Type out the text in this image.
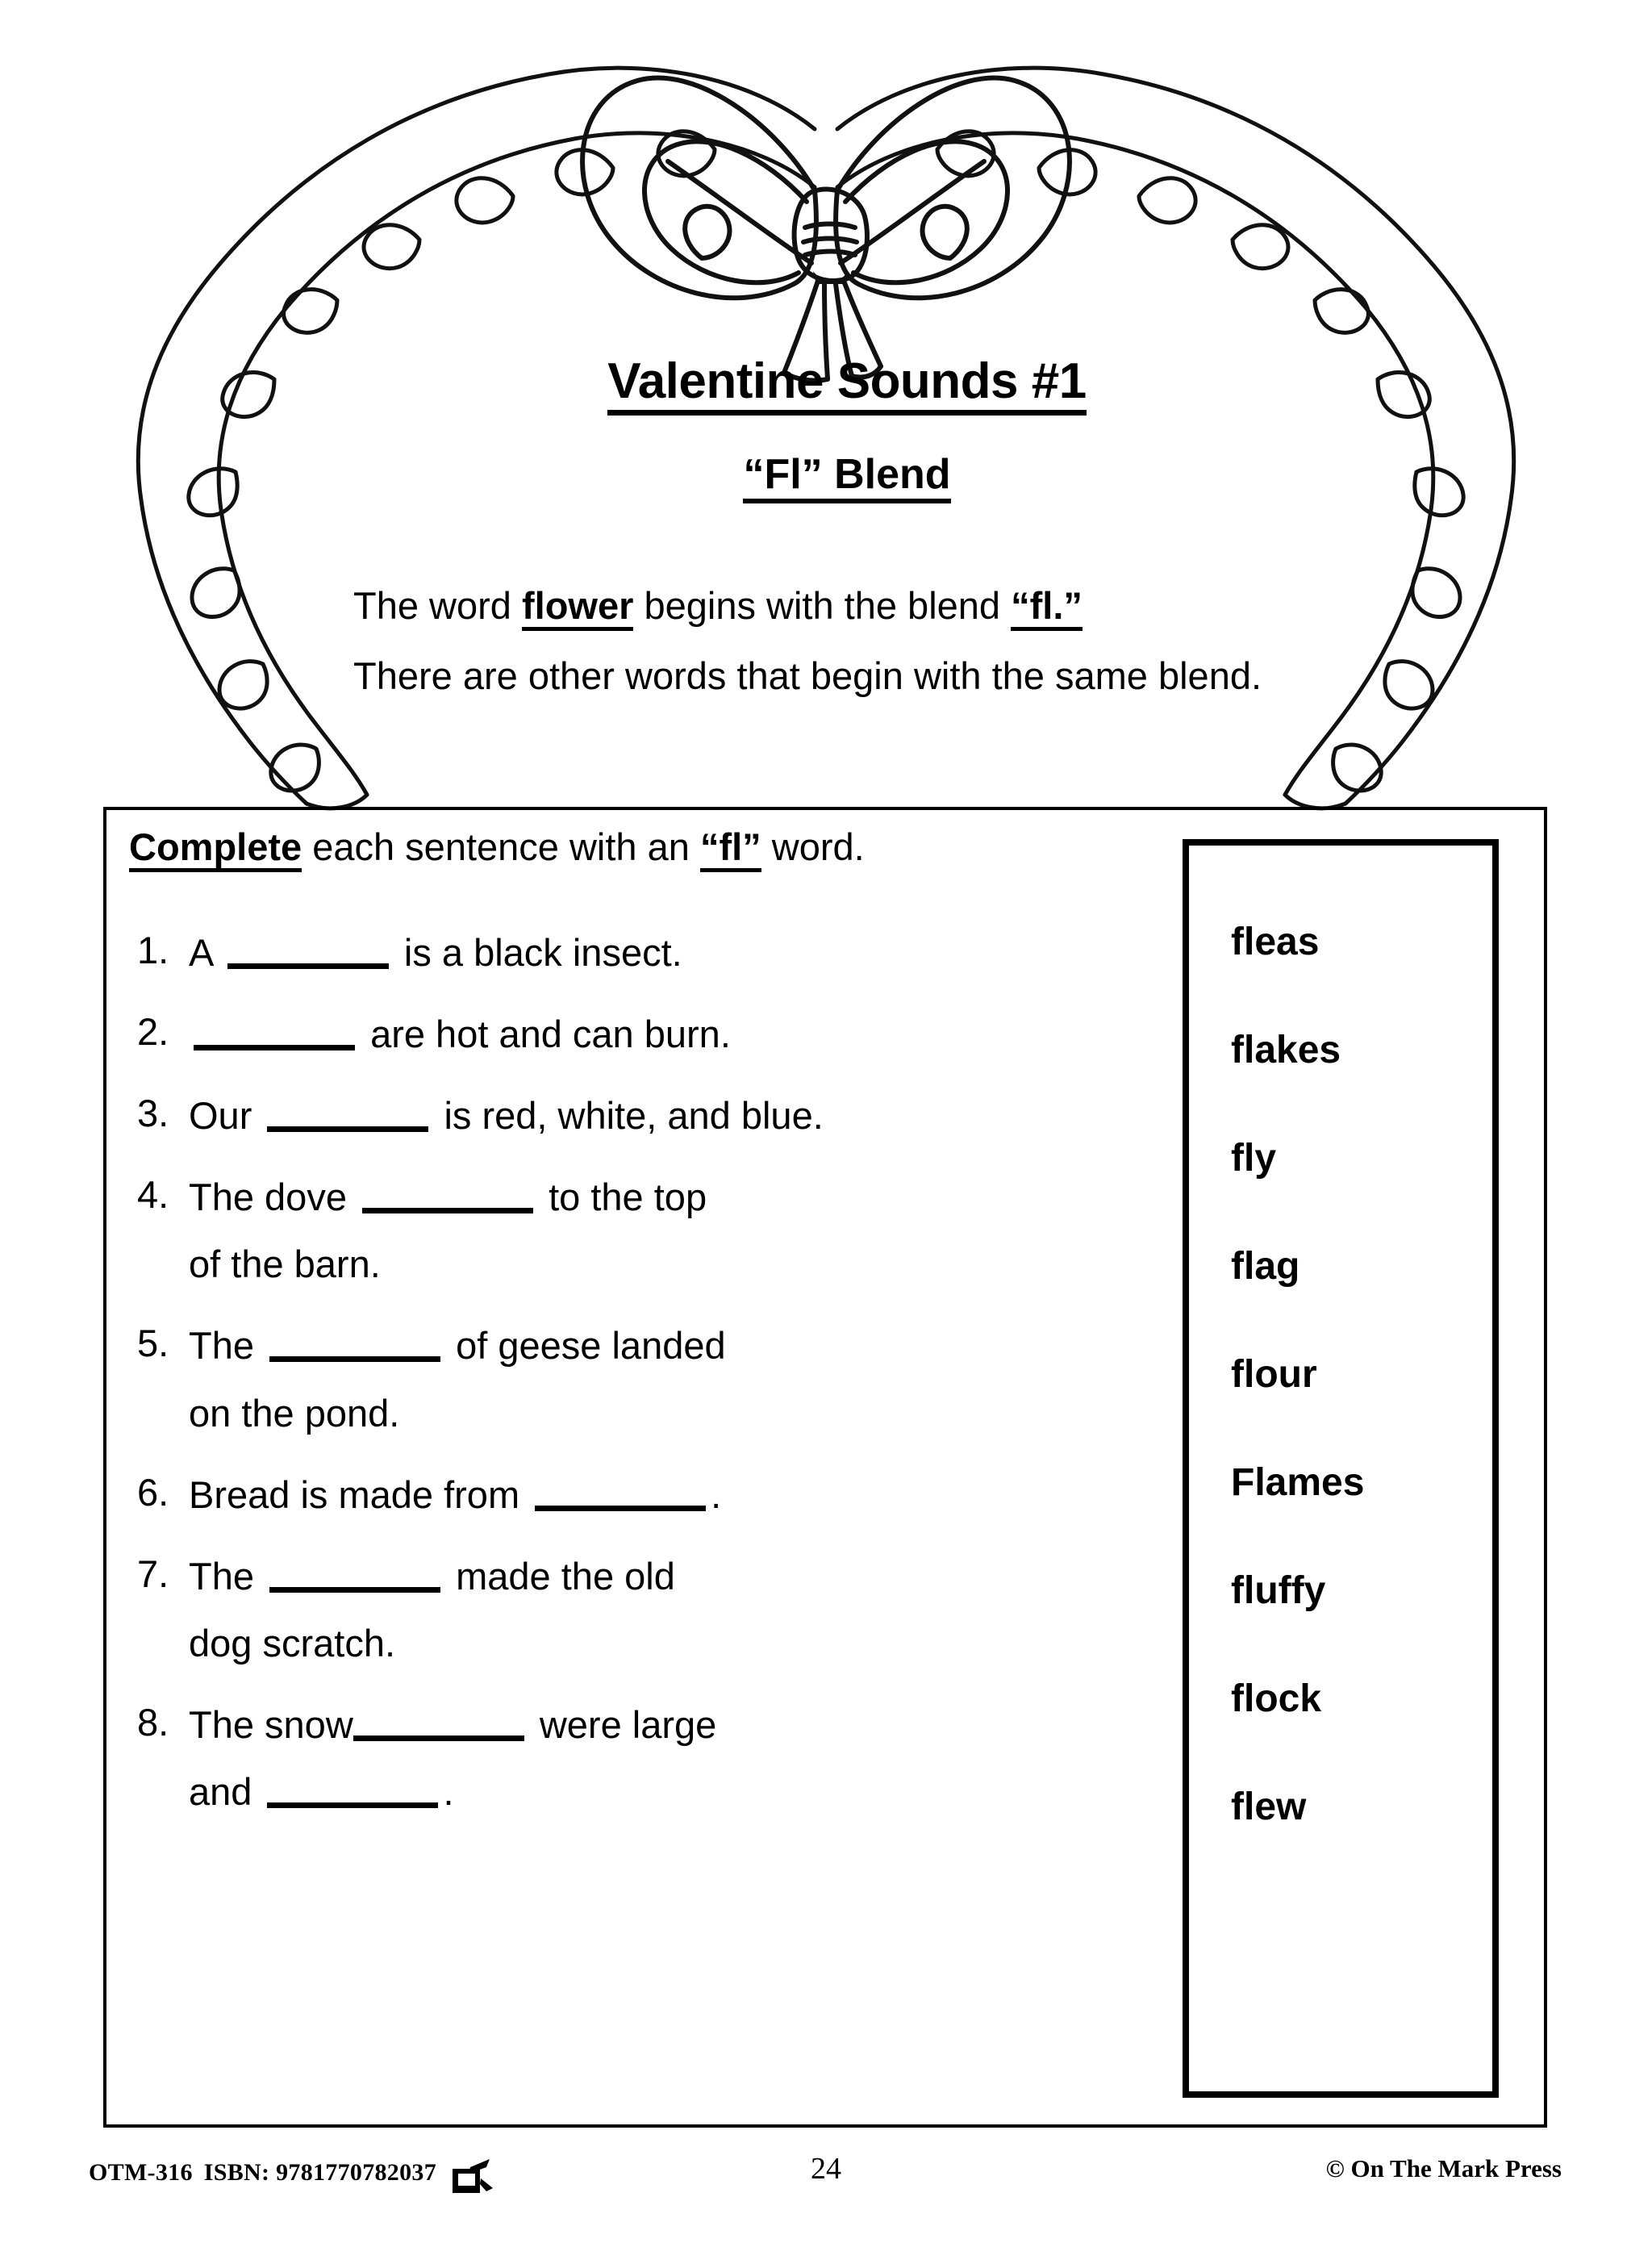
Valentine Sounds #1
“Fl” Blend

The word flower begins with the blend “fl.”

There are other words that begin with the same blend.

Complete each sentence with an “fl” word.
1. A	is a black insect.
2.	are hot and can burn.
3. Our	is red, white, and blue.
4. The dove	to the top
of the barn.
5. The	of geese landed
on the pond.
6. Bread is made from	.
7. The	made the old
dog scratch.
8. The snow	were large
and	.
fleas
flakes
fly
flag
flour
Flames
fluffy
flock
flew
OTM-316 ISBN: 9781770782037	24	© On The Mark Press
